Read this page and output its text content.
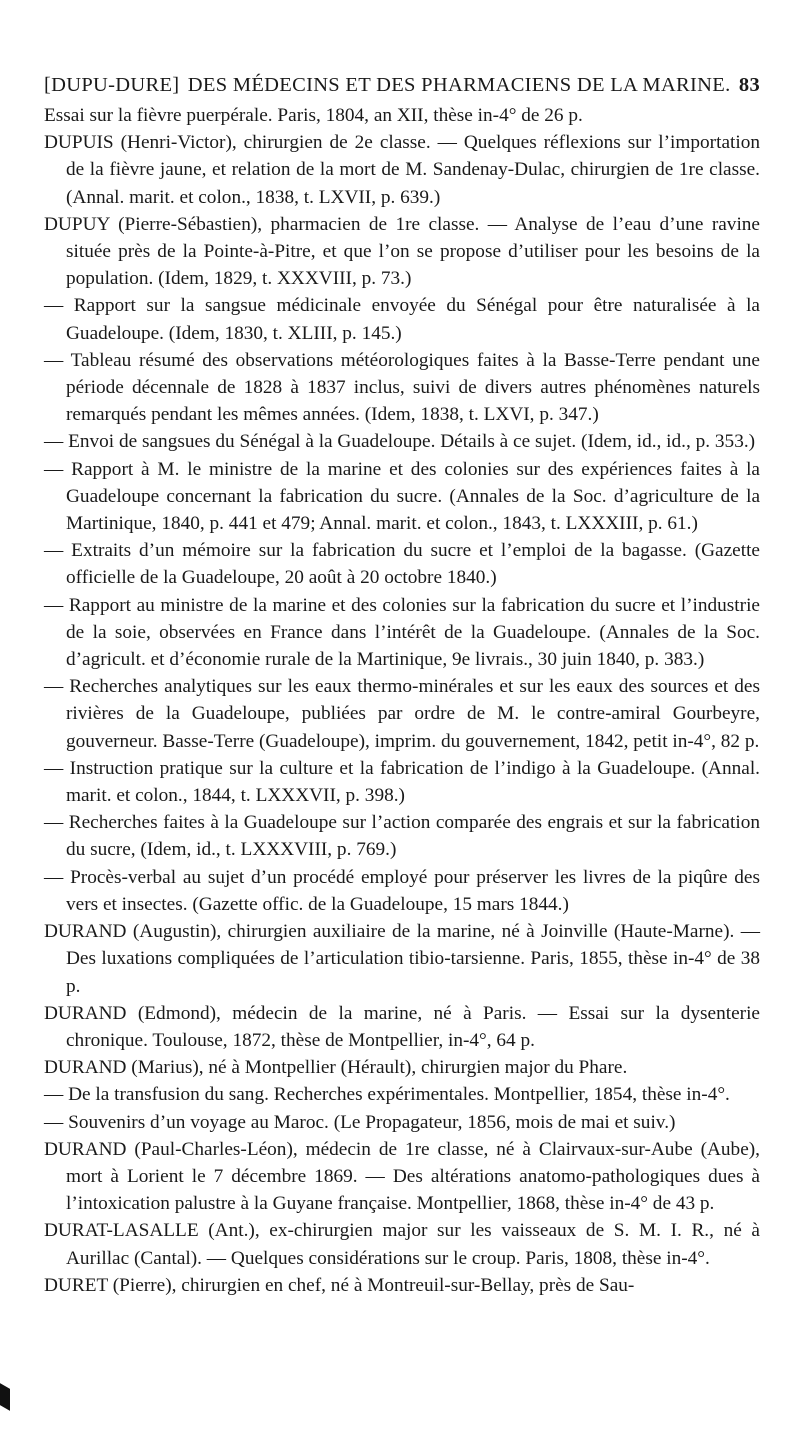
[DUPU-DURE] DES MÉDECINS ET DES PHARMACIENS DE LA MARINE. 83

Essai sur la fièvre puerpérale. Paris, 1804, an XII, thèse in-4° de 26 p.

DUPUIS (Henri-Victor), chirurgien de 2e classe. — Quelques réflexions sur l’importation de la fièvre jaune, et relation de la mort de M. Sandenay-Dulac, chirurgien de 1re classe. (Annal. marit. et colon., 1838, t. LXVII, p. 639.)

DUPUY (Pierre-Sébastien), pharmacien de 1re classe. — Analyse de l’eau d’une ravine située près de la Pointe-à-Pitre, et que l’on se propose d’utiliser pour les besoins de la population. (Idem, 1829, t. XXXVIII, p. 73.)

— Rapport sur la sangsue médicinale envoyée du Sénégal pour être naturalisée à la Guadeloupe. (Idem, 1830, t. XLIII, p. 145.)

— Tableau résumé des observations météorologiques faites à la Basse-Terre pendant une période décennale de 1828 à 1837 inclus, suivi de divers autres phénomènes naturels remarqués pendant les mêmes années. (Idem, 1838, t. LXVI, p. 347.)

— Envoi de sangsues du Sénégal à la Guadeloupe. Détails à ce sujet. (Idem, id., id., p. 353.)

— Rapport à M. le ministre de la marine et des colonies sur des expériences faites à la Guadeloupe concernant la fabrication du sucre. (Annales de la Soc. d’agriculture de la Martinique, 1840, p. 441 et 479; Annal. marit. et colon., 1843, t. LXXXIII, p. 61.)

— Extraits d’un mémoire sur la fabrication du sucre et l’emploi de la bagasse. (Gazette officielle de la Guadeloupe, 20 août à 20 octobre 1840.)

— Rapport au ministre de la marine et des colonies sur la fabrication du sucre et l’industrie de la soie, observées en France dans l’intérêt de la Guadeloupe. (Annales de la Soc. d’agricult. et d’économie rurale de la Martinique, 9e livrais., 30 juin 1840, p. 383.)

— Recherches analytiques sur les eaux thermo-minérales et sur les eaux des sources et des rivières de la Guadeloupe, publiées par ordre de M. le contre-amiral Gourbeyre, gouverneur. Basse-Terre (Guadeloupe), imprim. du gouvernement, 1842, petit in-4°, 82 p.

— Instruction pratique sur la culture et la fabrication de l’indigo à la Guadeloupe. (Annal. marit. et colon., 1844, t. LXXXVII, p. 398.)

— Recherches faites à la Guadeloupe sur l’action comparée des engrais et sur la fabrication du sucre, (Idem, id., t. LXXXVIII, p. 769.)

— Procès-verbal au sujet d’un procédé employé pour préserver les livres de la piqûre des vers et insectes. (Gazette offic. de la Guadeloupe, 15 mars 1844.)

DURAND (Augustin), chirurgien auxiliaire de la marine, né à Joinville (Haute-Marne). — Des luxations compliquées de l’articulation tibio-tarsienne. Paris, 1855, thèse in-4° de 38 p.

DURAND (Edmond), médecin de la marine, né à Paris. — Essai sur la dysenterie chronique. Toulouse, 1872, thèse de Montpellier, in-4°, 64 p.

DURAND (Marius), né à Montpellier (Hérault), chirurgien major du Phare.

— De la transfusion du sang. Recherches expérimentales. Montpellier, 1854, thèse in-4°.

— Souvenirs d’un voyage au Maroc. (Le Propagateur, 1856, mois de mai et suiv.)

DURAND (Paul-Charles-Léon), médecin de 1re classe, né à Clairvaux-sur-Aube (Aube), mort à Lorient le 7 décembre 1869. — Des altérations anatomo-pathologiques dues à l’intoxication palustre à la Guyane française. Montpellier, 1868, thèse in-4° de 43 p.

DURAT-LASALLE (Ant.), ex-chirurgien major sur les vaisseaux de S. M. I. R., né à Aurillac (Cantal). — Quelques considérations sur le croup. Paris, 1808, thèse in-4°.

DURET (Pierre), chirurgien en chef, né à Montreuil-sur-Bellay, près de Sau-
